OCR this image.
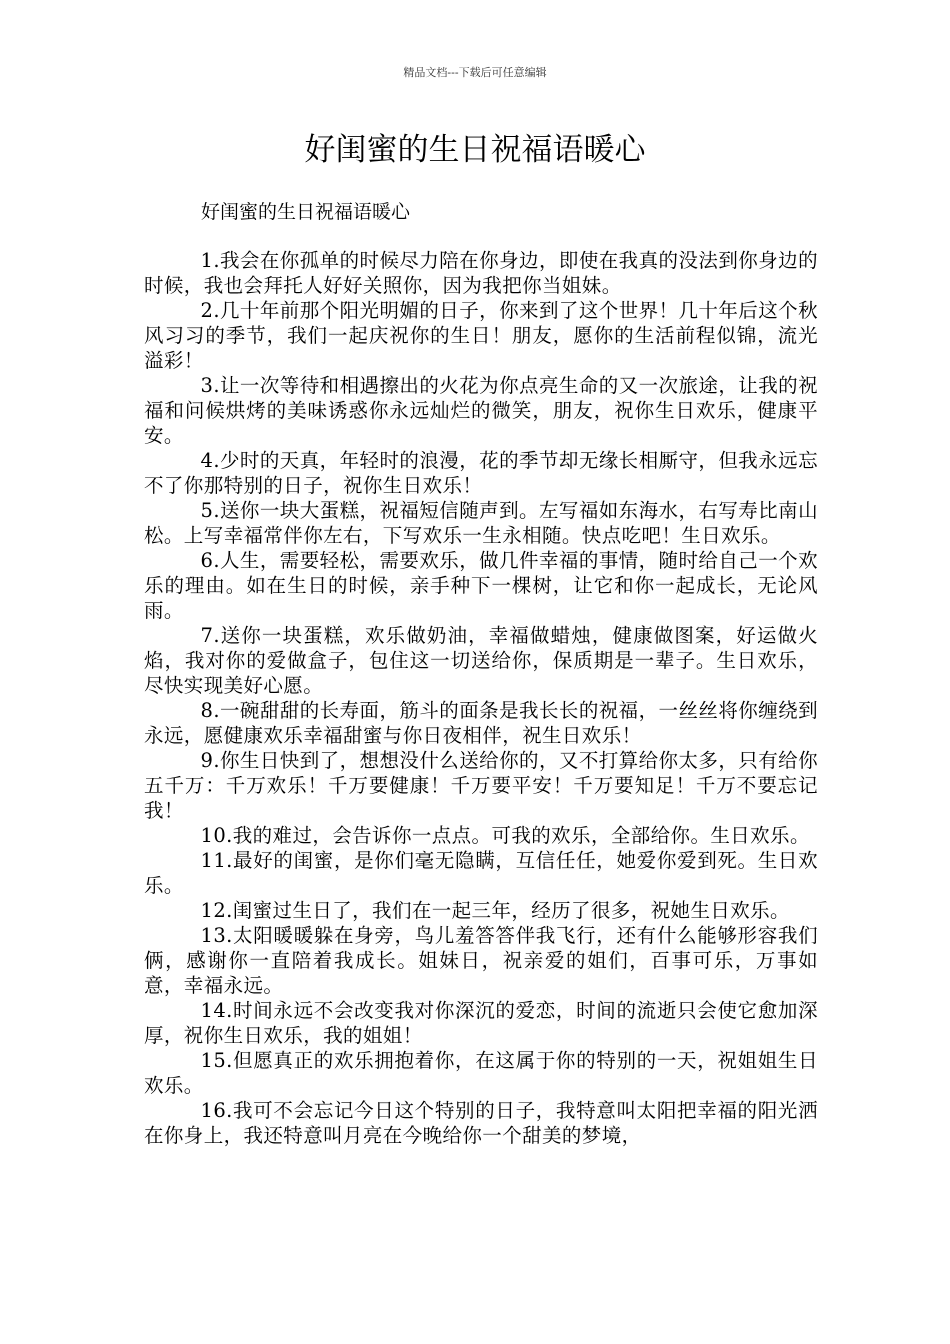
精品文档---下载后可任意编辑
好闺蜜的生日祝福语暖心
好闺蜜的生日祝福语暖心

1.我会在你孤单的时候尽力陪在你身边，即使在我真的没法到你身边的时候，我也会拜托人好好关照你，因为我把你当姐妹。

2.几十年前那个阳光明媚的日子，你来到了这个世界！几十年后这个秋风习习的季节，我们一起庆祝你的生日！朋友，愿你的生活前程似锦，流光溢彩！

3.让一次等待和相遇擦出的火花为你点亮生命的又一次旅途，让我的祝福和问候烘烤的美味诱惑你永远灿烂的微笑，朋友，祝你生日欢乐，健康平安。

4.少时的天真，年轻时的浪漫，花的季节却无缘长相厮守，但我永远忘不了你那特别的日子，祝你生日欢乐！

5.送你一块大蛋糕，祝福短信随声到。左写福如东海水，右写寿比南山松。上写幸福常伴你左右，下写欢乐一生永相随。快点吃吧！生日欢乐。

6.人生，需要轻松，需要欢乐，做几件幸福的事情，随时给自己一个欢乐的理由。如在生日的时候，亲手种下一棵树，让它和你一起成长，无论风雨。

7.送你一块蛋糕，欢乐做奶油，幸福做蜡烛，健康做图案，好运做火焰，我对你的爱做盒子，包住这一切送给你，保质期是一辈子。生日欢乐，尽快实现美好心愿。

8.一碗甜甜的长寿面，筋斗的面条是我长长的祝福，一丝丝将你缠绕到永远，愿健康欢乐幸福甜蜜与你日夜相伴，祝生日欢乐！

9.你生日快到了，想想没什么送给你的，又不打算给你太多，只有给你五千万：千万欢乐！千万要健康！千万要平安！千万要知足！千万不要忘记我！

10.我的难过，会告诉你一点点。可我的欢乐，全部给你。生日欢乐。

11.最好的闺蜜，是你们毫无隐瞒，互信任任，她爱你爱到死。生日欢乐。

12.闺蜜过生日了，我们在一起三年，经历了很多，祝她生日欢乐。

13.太阳暖暖躲在身旁，鸟儿羞答答伴我飞行，还有什么能够形容我们俩，感谢你一直陪着我成长。姐妹日，祝亲爱的姐们，百事可乐，万事如意，幸福永远。

14.时间永远不会改变我对你深沉的爱恋，时间的流逝只会使它愈加深厚，祝你生日欢乐，我的姐姐！

15.但愿真正的欢乐拥抱着你，在这属于你的特别的一天，祝姐姐生日欢乐。

16.我可不会忘记今日这个特别的日子，我特意叫太阳把幸福的阳光洒在你身上，我还特意叫月亮在今晚给你一个甜美的梦境，
